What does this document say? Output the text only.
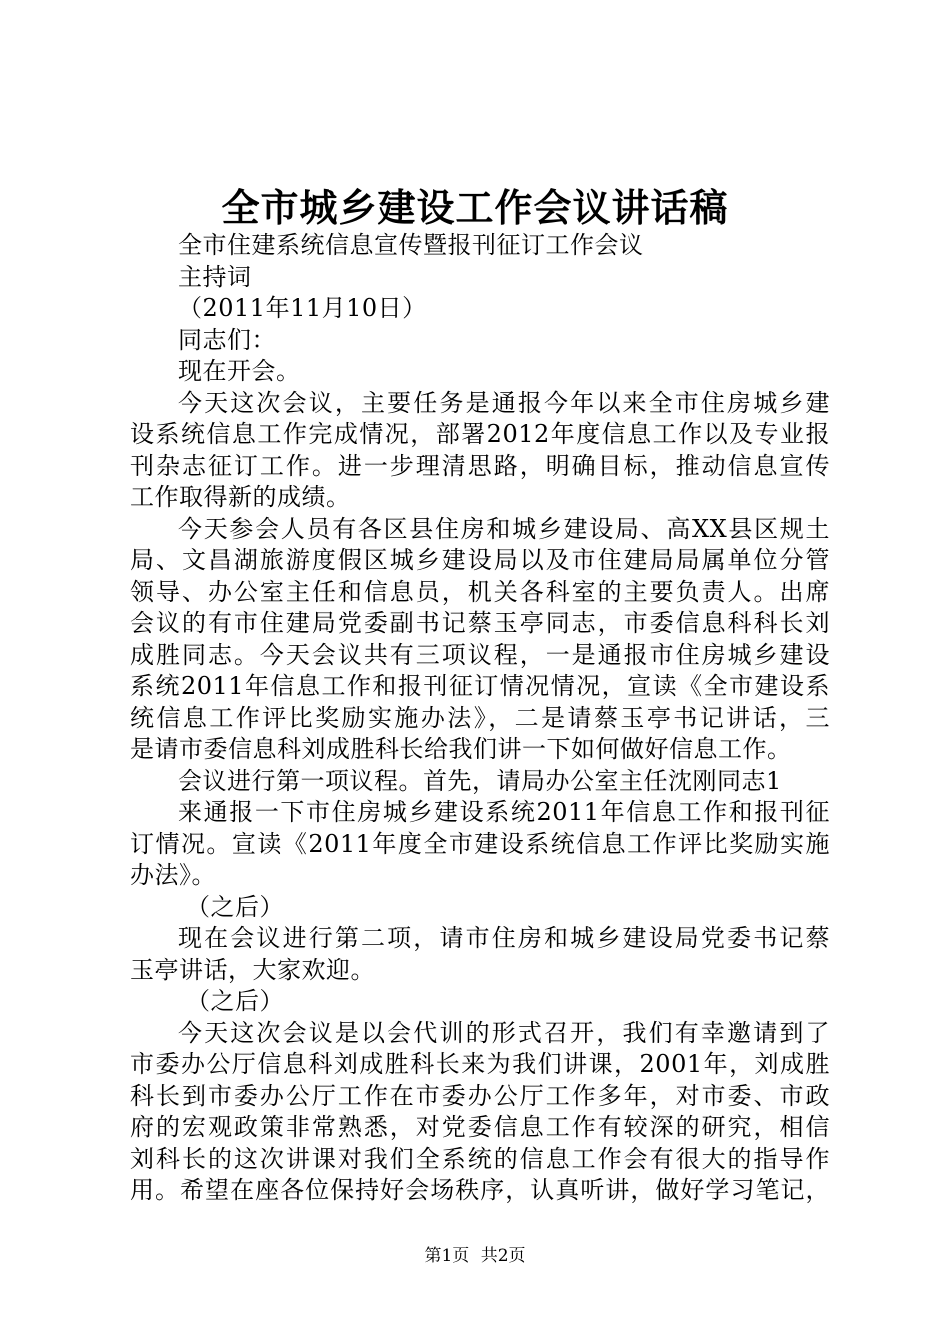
全市城乡建设工作会议讲话稿
全市住建系统信息宣传暨报刊征订工作会议
主持词
（2011年11月10日）
同志们：
现在开会。
今天这次会议，主要任务是通报今年以来全市住房城乡建
设系统信息工作完成情况，部署2012年度信息工作以及专业报
刊杂志征订工作。进一步理清思路，明确目标，推动信息宣传
工作取得新的成绩。
今天参会人员有各区县住房和城乡建设局、高XX县区规土
局、文昌湖旅游度假区城乡建设局以及市住建局局属单位分管
领导、办公室主任和信息员，机关各科室的主要负责人。出席
会议的有市住建局党委副书记蔡玉亭同志，市委信息科科长刘
成胜同志。今天会议共有三项议程，一是通报市住房城乡建设
系统2011年信息工作和报刊征订情况情况，宣读《全市建设系
统信息工作评比奖励实施办法》，二是请蔡玉亭书记讲话，三
是请市委信息科刘成胜科长给我们讲一下如何做好信息工作。
会议进行第一项议程。首先，请局办公室主任沈刚同志1
来通报一下市住房城乡建设系统2011年信息工作和报刊征
订情况。宣读《2011年度全市建设系统信息工作评比奖励实施
办法》。
（之后）
现在会议进行第二项，请市住房和城乡建设局党委书记蔡
玉亭讲话，大家欢迎。
（之后）
今天这次会议是以会代训的形式召开，我们有幸邀请到了
市委办公厅信息科刘成胜科长来为我们讲课，2001年，刘成胜
科长到市委办公厅工作在市委办公厅工作多年，对市委、市政
府的宏观政策非常熟悉，对党委信息工作有较深的研究，相信
刘科长的这次讲课对我们全系统的信息工作会有很大的指导作
用。希望在座各位保持好会场秩序，认真听讲，做好学习笔记，
第1页 共2页
